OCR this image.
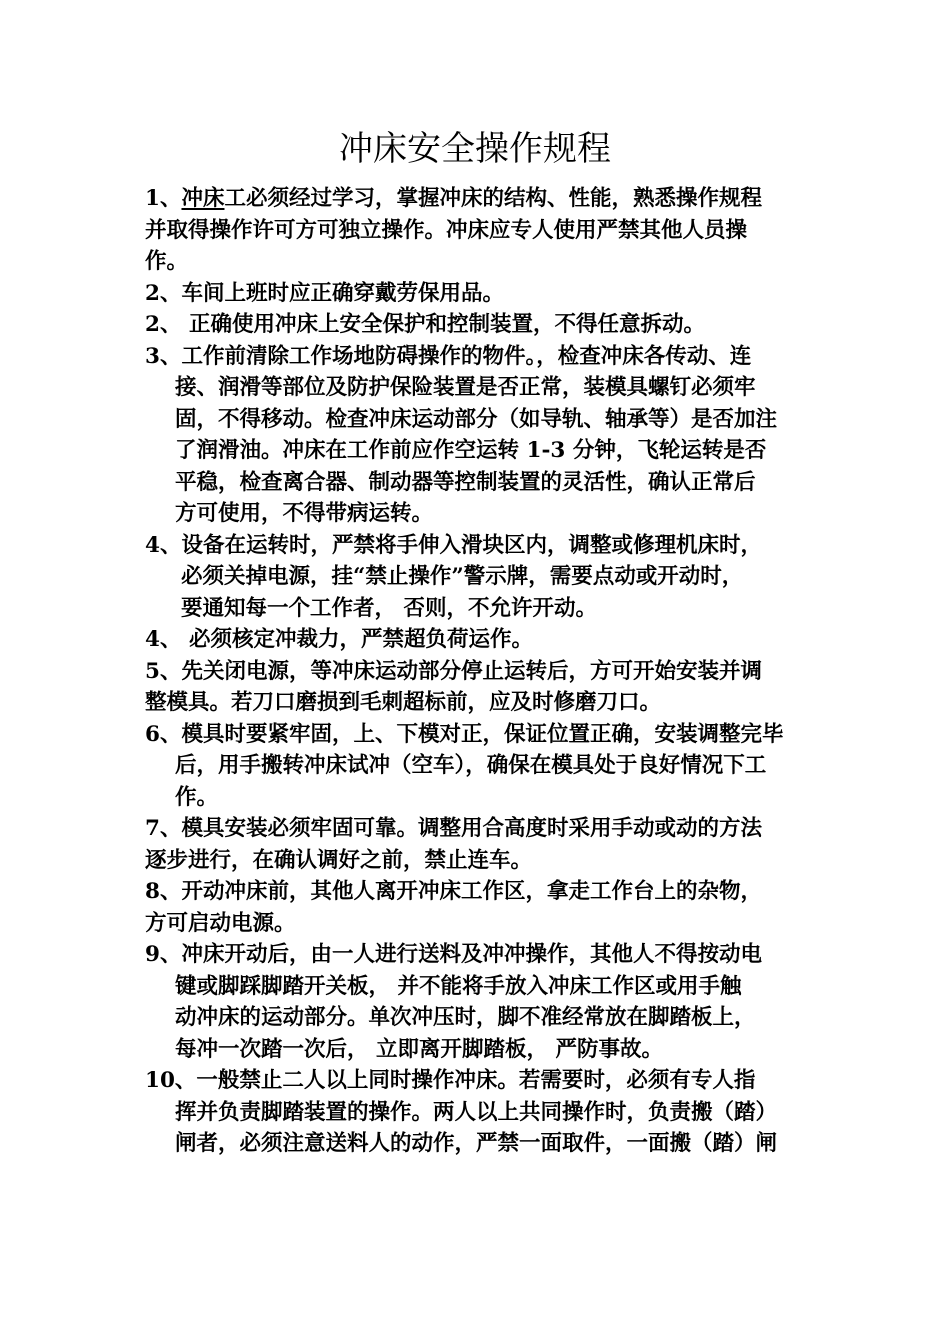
冲床安全操作规程

1、冲床工必须经过学习，掌握冲床的结构、性能，熟悉操作规程
并取得操作许可方可独立操作。冲床应专人使用严禁其他人员操
作。

2、车间上班时应正确穿戴劳保用品。

2、 正确使用冲床上安全保护和控制装置，不得任意拆动。

3、工作前清除工作场地防碍操作的物件。，检查冲床各传动、连
接、润滑等部位及防护保险装置是否正常，装模具螺钉必须牢
固，不得移动。检查冲床运动部分（如导轨、轴承等）是否加注
了润滑油。冲床在工作前应作空运转 1-3 分钟，飞轮运转是否
平稳，检查离合器、制动器等控制装置的灵活性，确认正常后
方可使用，不得带病运转。

4、设备在运转时，严禁将手伸入滑块区内，调整或修理机床时，
必须关掉电源，挂“禁止操作”警示牌，需要点动或开动时，
要通知每一个工作者， 否则，不允许开动。

4、 必须核定冲裁力，严禁超负荷运作。

5、先关闭电源，等冲床运动部分停止运转后，方可开始安装并调
整模具。若刀口磨损到毛刺超标前，应及时修磨刀口。

6、模具时要紧牢固，上、下模对正，保证位置正确，安装调整完毕
后，用手搬转冲床试冲（空车），确保在模具处于良好情况下工
作。

7、模具安装必须牢固可靠。调整用合高度时采用手动或动的方法
逐步进行，在确认调好之前，禁止连车。

8、开动冲床前，其他人离开冲床工作区，拿走工作台上的杂物，
方可启动电源。

9、冲床开动后，由一人进行送料及冲冲操作，其他人不得按动电
键或脚踩脚踏开关板， 并不能将手放入冲床工作区或用手触
动冲床的运动部分。单次冲压时，脚不准经常放在脚踏板上，
每冲一次踏一次后， 立即离开脚踏板， 严防事故。

10、一般禁止二人以上同时操作冲床。若需要时，必须有专人指
挥并负责脚踏装置的操作。两人以上共同操作时，负责搬（踏）
闸者，必须注意送料人的动作，严禁一面取件，一面搬（踏）闸
